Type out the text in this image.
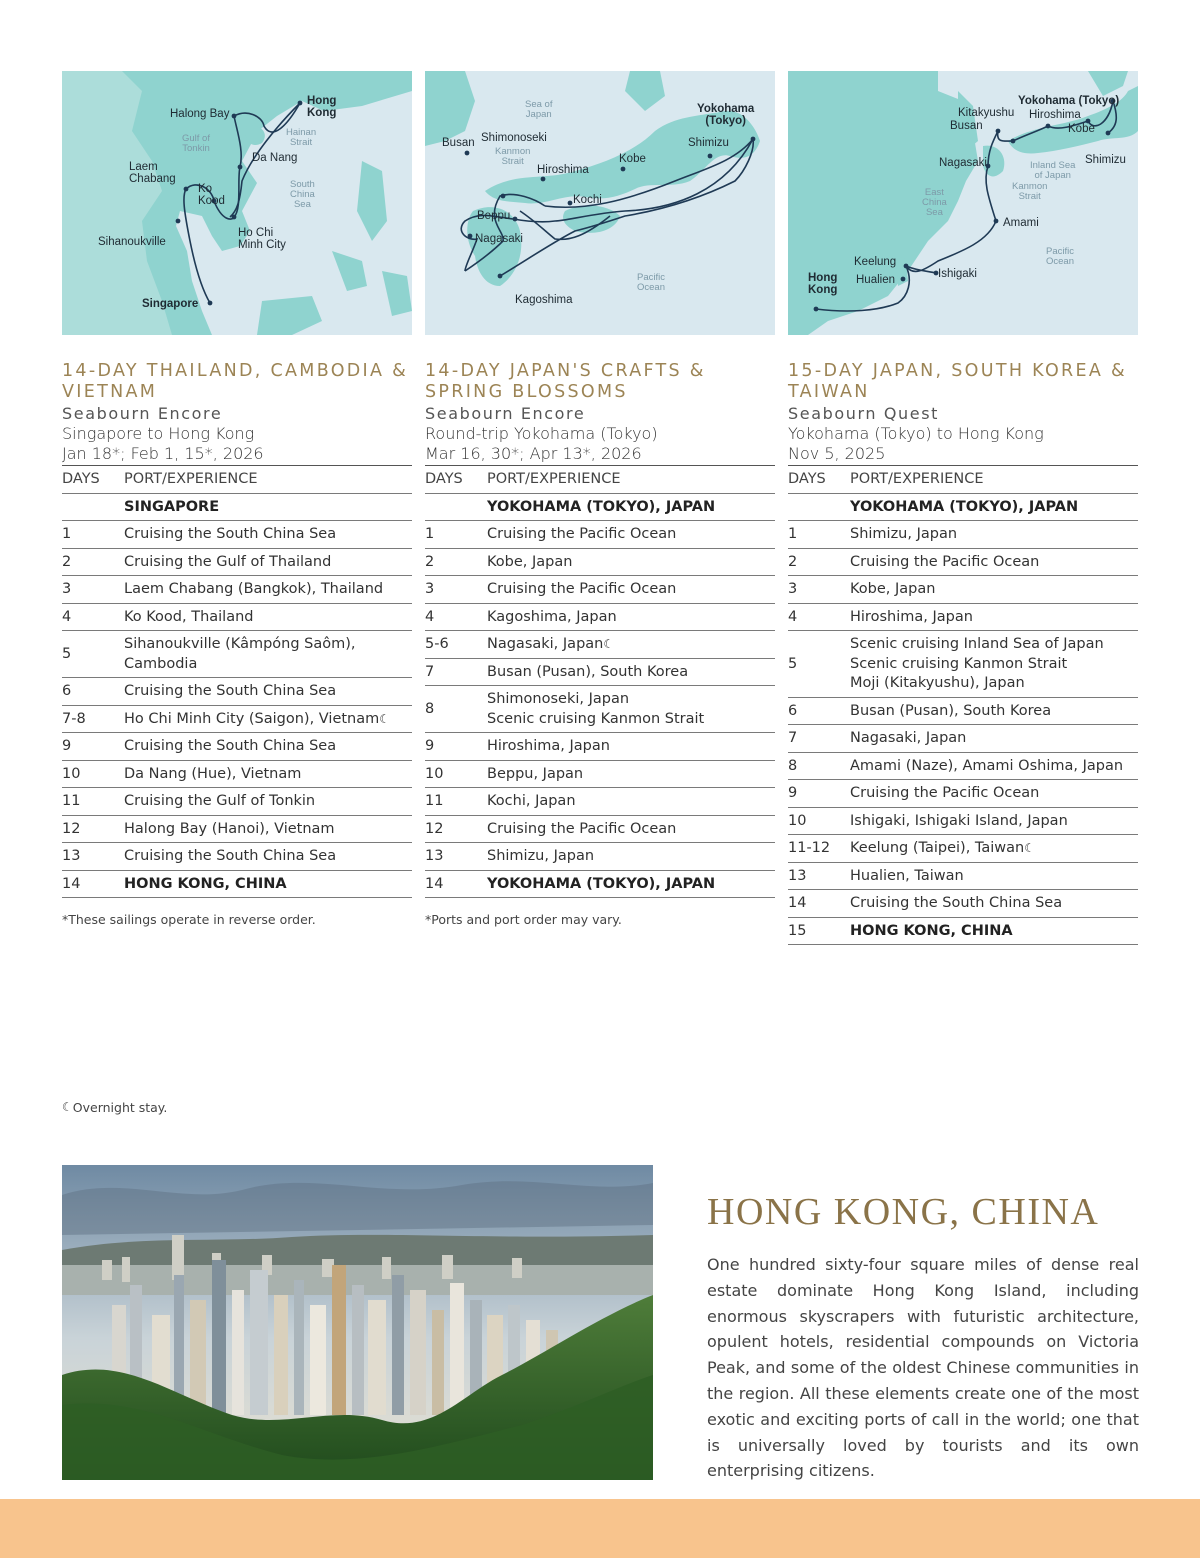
Halong Bay
Hong
Kong
Gulf of
Tonkin
Hainan
Strait
Da Nang
Laem
Chabang
Ko
Kood
South
China
Sea
Ho Chi
Minh City
Sihanoukville
Singapore
Sea of
Japan	Yokohama
(Tokyo)
Busan Shimonoseki
Kanmon
Strait
Shimizu
Hiroshima
Kobe
Kochi
Beppu
Nagasaki
Kagoshima
Pacific
Ocean
Yokohama (Tokyo)
Kitakyushu Hiroshima
Busan	Kobe
Shimizu
Nagasaki	Inland Sea
of Japan
Kanmon
Strait
East
China
Sea
Amami
Pacific
Ocean
Keelung
Hong
Kong
Hualien	Ishigaki
14-DAY THAILAND, CAMBODIA & VIETNAM
Seabourn Encore
Singapore to Hong Kong
Jan 18*; Feb 1, 15*, 2026
DAYS	PORT/EXPERIENCE
	SINGAPORE
1	Cruising the South China Sea
2	Cruising the Gulf of Thailand
3	Laem Chabang (Bangkok), Thailand
4	Ko Kood, Thailand
5	Sihanoukville (Kâmpóng Saôm), Cambodia
6	Cruising the South China Sea
7-8	Ho Chi Minh City (Saigon), Vietnam☾
9	Cruising the South China Sea
10	Da Nang (Hue), Vietnam
11	Cruising the Gulf of Tonkin
12	Halong Bay (Hanoi), Vietnam
13	Cruising the South China Sea
14	HONG KONG, CHINA
*These sailings operate in reverse order.
14-DAY JAPAN'S CRAFTS & SPRING BLOSSOMS
Seabourn Encore
Round-trip Yokohama (Tokyo)
Mar 16, 30*; Apr 13*, 2026
DAYS	PORT/EXPERIENCE
	YOKOHAMA (TOKYO), JAPAN
1	Cruising the Pacific Ocean
2	Kobe, Japan
3	Cruising the Pacific Ocean
4	Kagoshima, Japan
5-6	Nagasaki, Japan☾
7	Busan (Pusan), South Korea
8	Shimonoseki, Japan
Scenic cruising Kanmon Strait
9	Hiroshima, Japan
10	Beppu, Japan
11	Kochi, Japan
12	Cruising the Pacific Ocean
13	Shimizu, Japan
14	YOKOHAMA (TOKYO), JAPAN
*Ports and port order may vary.
15-DAY JAPAN, SOUTH KOREA & TAIWAN
Seabourn Quest
Yokohama (Tokyo) to Hong Kong
Nov 5, 2025
DAYS	PORT/EXPERIENCE
	YOKOHAMA (TOKYO), JAPAN
1	Shimizu, Japan
2	Cruising the Pacific Ocean
3	Kobe, Japan
4	Hiroshima, Japan
5	Scenic cruising Inland Sea of Japan
Scenic cruising Kanmon Strait
Moji (Kitakyushu), Japan
6	Busan (Pusan), South Korea
7	Nagasaki, Japan
8	Amami (Naze), Amami Oshima, Japan
9	Cruising the Pacific Ocean
10	Ishigaki, Ishigaki Island, Japan
11-12	Keelung (Taipei), Taiwan☾
13	Hualien, Taiwan
14	Cruising the South China Sea
15	HONG KONG, CHINA
☾Overnight stay.
HONG KONG, CHINA
One hundred sixty-four square miles of dense real estate dominate Hong Kong Island, including enormous skyscrapers with futuristic architecture, opulent hotels, residential compounds on Victoria Peak, and some of the oldest Chinese communities in the region. All these elements create one of the most exotic and exciting ports of call in the world; one that is universally loved by tourists and its own enterprising citizens.
